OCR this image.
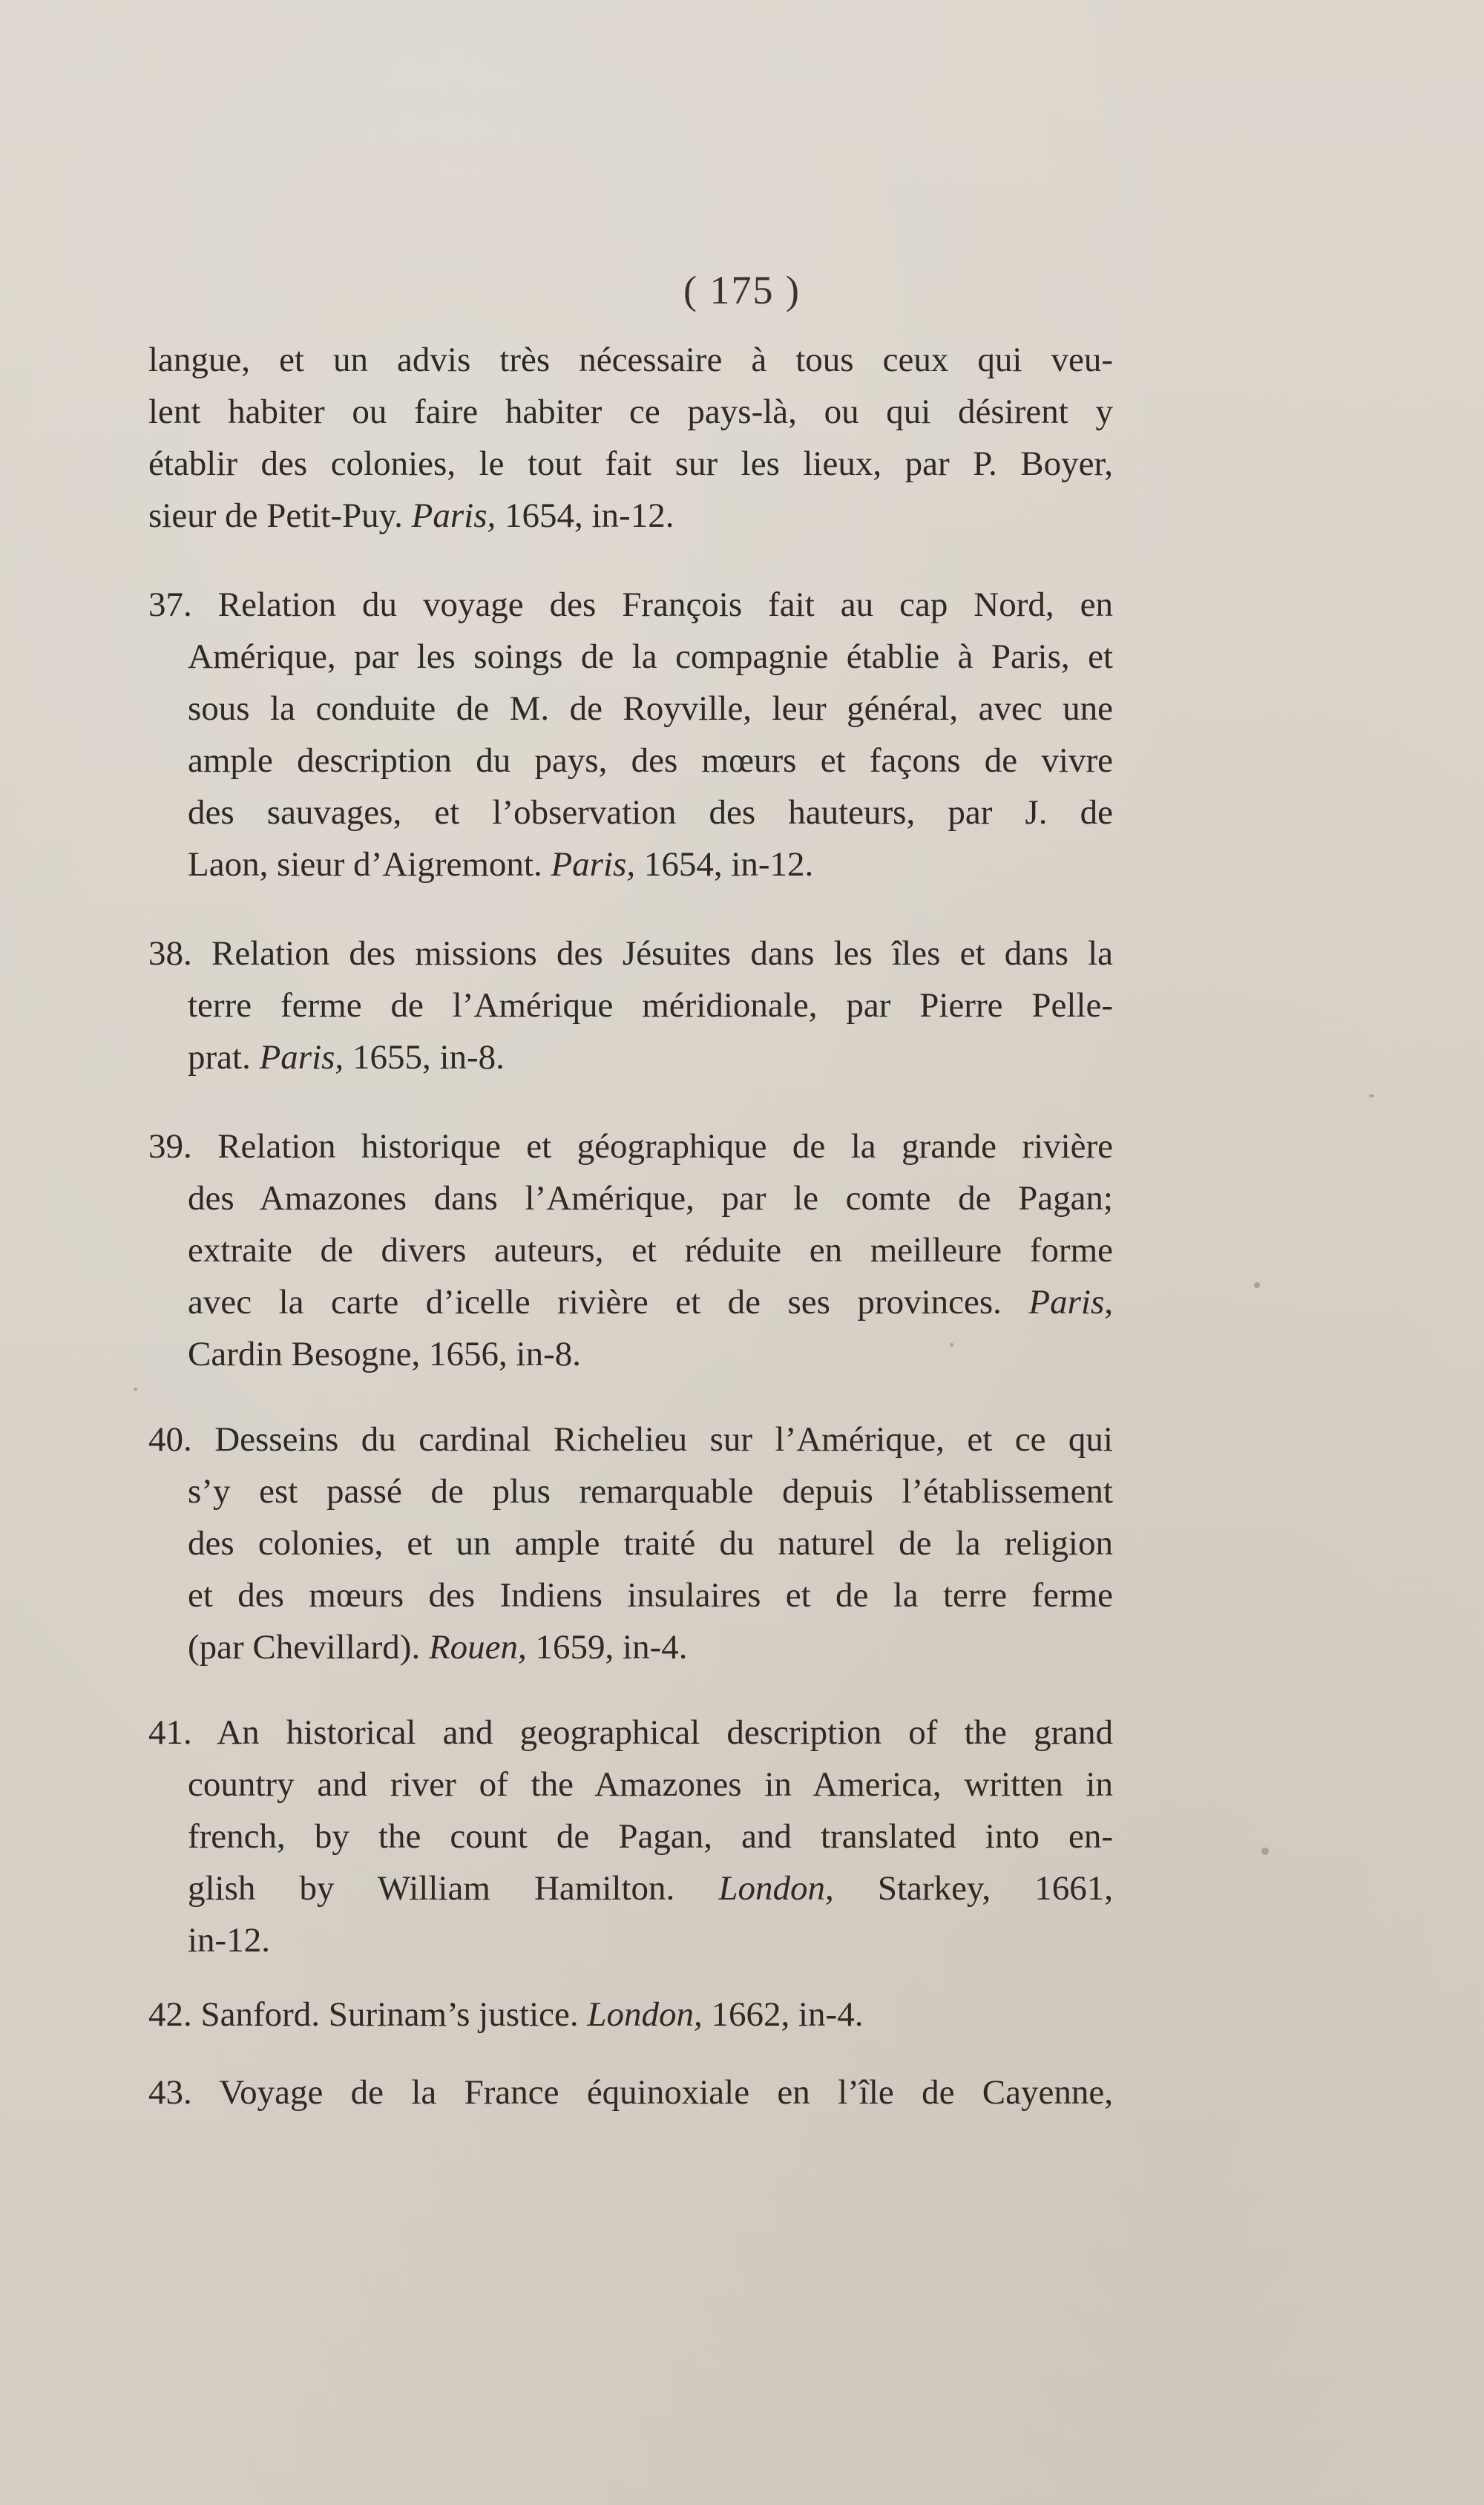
( 175 )
langue, et un advis très nécessaire à tous ceux qui veu-
lent habiter ou faire habiter ce pays-là, ou qui désirent y
établir des colonies, le tout fait sur les lieux, par P. Boyer,
sieur de Petit-Puy. Paris, 1654, in-12.
37. Relation du voyage des François fait au cap Nord, en
Amérique, par les soings de la compagnie établie à Paris, et
sous la conduite de M. de Royville, leur général, avec une
ample description du pays, des mœurs et façons de vivre
des sauvages, et l’observation des hauteurs, par J. de
Laon, sieur d’Aigremont. Paris, 1654, in-12.
38. Relation des missions des Jésuites dans les îles et dans la
terre ferme de l’Amérique méridionale, par Pierre Pelle-
prat. Paris, 1655, in-8.
39. Relation historique et géographique de la grande rivière
des Amazones dans l’Amérique, par le comte de Pagan;
extraite de divers auteurs, et réduite en meilleure forme
avec la carte d’icelle rivière et de ses provinces. Paris,
Cardin Besogne, 1656, in-8.
40. Desseins du cardinal Richelieu sur l’Amérique, et ce qui
s’y est passé de plus remarquable depuis l’établissement
des colonies, et un ample traité du naturel de la religion
et des mœurs des Indiens insulaires et de la terre ferme
(par Chevillard). Rouen, 1659, in-4.
41. An historical and geographical description of the grand
country and river of the Amazones in America, written in
french, by the count de Pagan, and translated into en-
glish by William Hamilton. London, Starkey, 1661,
in-12.
42. Sanford. Surinam’s justice. London, 1662, in-4.
43. Voyage de la France équinoxiale en l’île de Cayenne,
